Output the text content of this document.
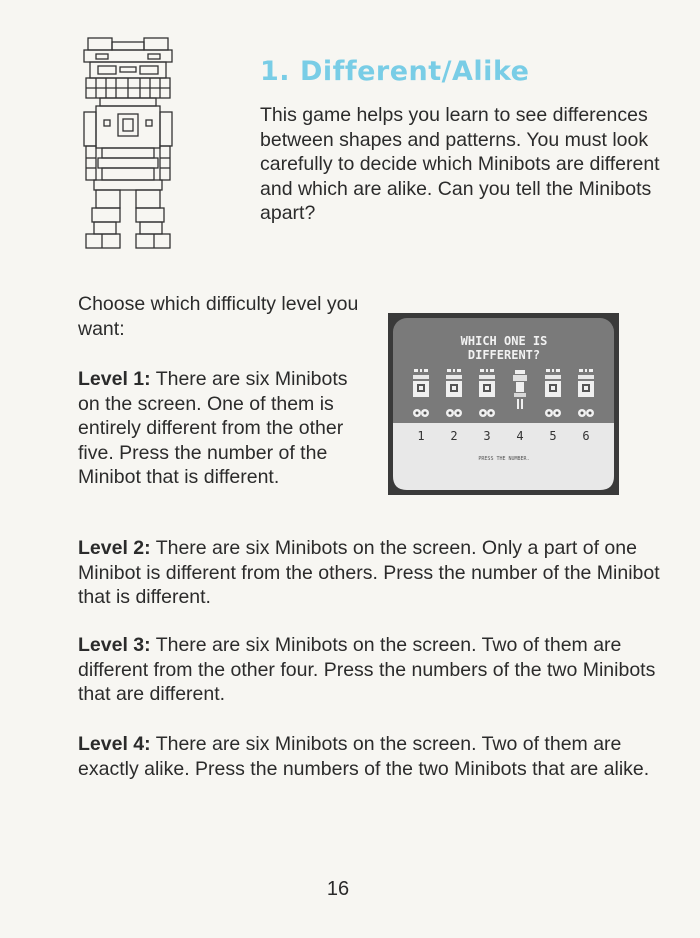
1. Different/Alike

This game helps you learn to see differences between shapes and patterns. You must look carefully to decide which Minibots are different and which are alike. Can you tell the Minibots apart?

Choose which difficulty level you want:

Level 1: There are six Minibots on the screen. One of them is entirely different from the other five. Press the number of the Minibot that is different.

WHICH ONE IS
DIFFERENT?
1 2 3 4 5 6
PRESS THE NUMBER.

Level 2: There are six Minibots on the screen. Only a part of one Minibot is different from the others. Press the number of the Minibot that is different.

Level 3: There are six Minibots on the screen. Two of them are different from the other four. Press the numbers of the two Minibots that are different.

Level 4: There are six Minibots on the screen. Two of them are exactly alike. Press the numbers of the two Minibots that are alike.

16
